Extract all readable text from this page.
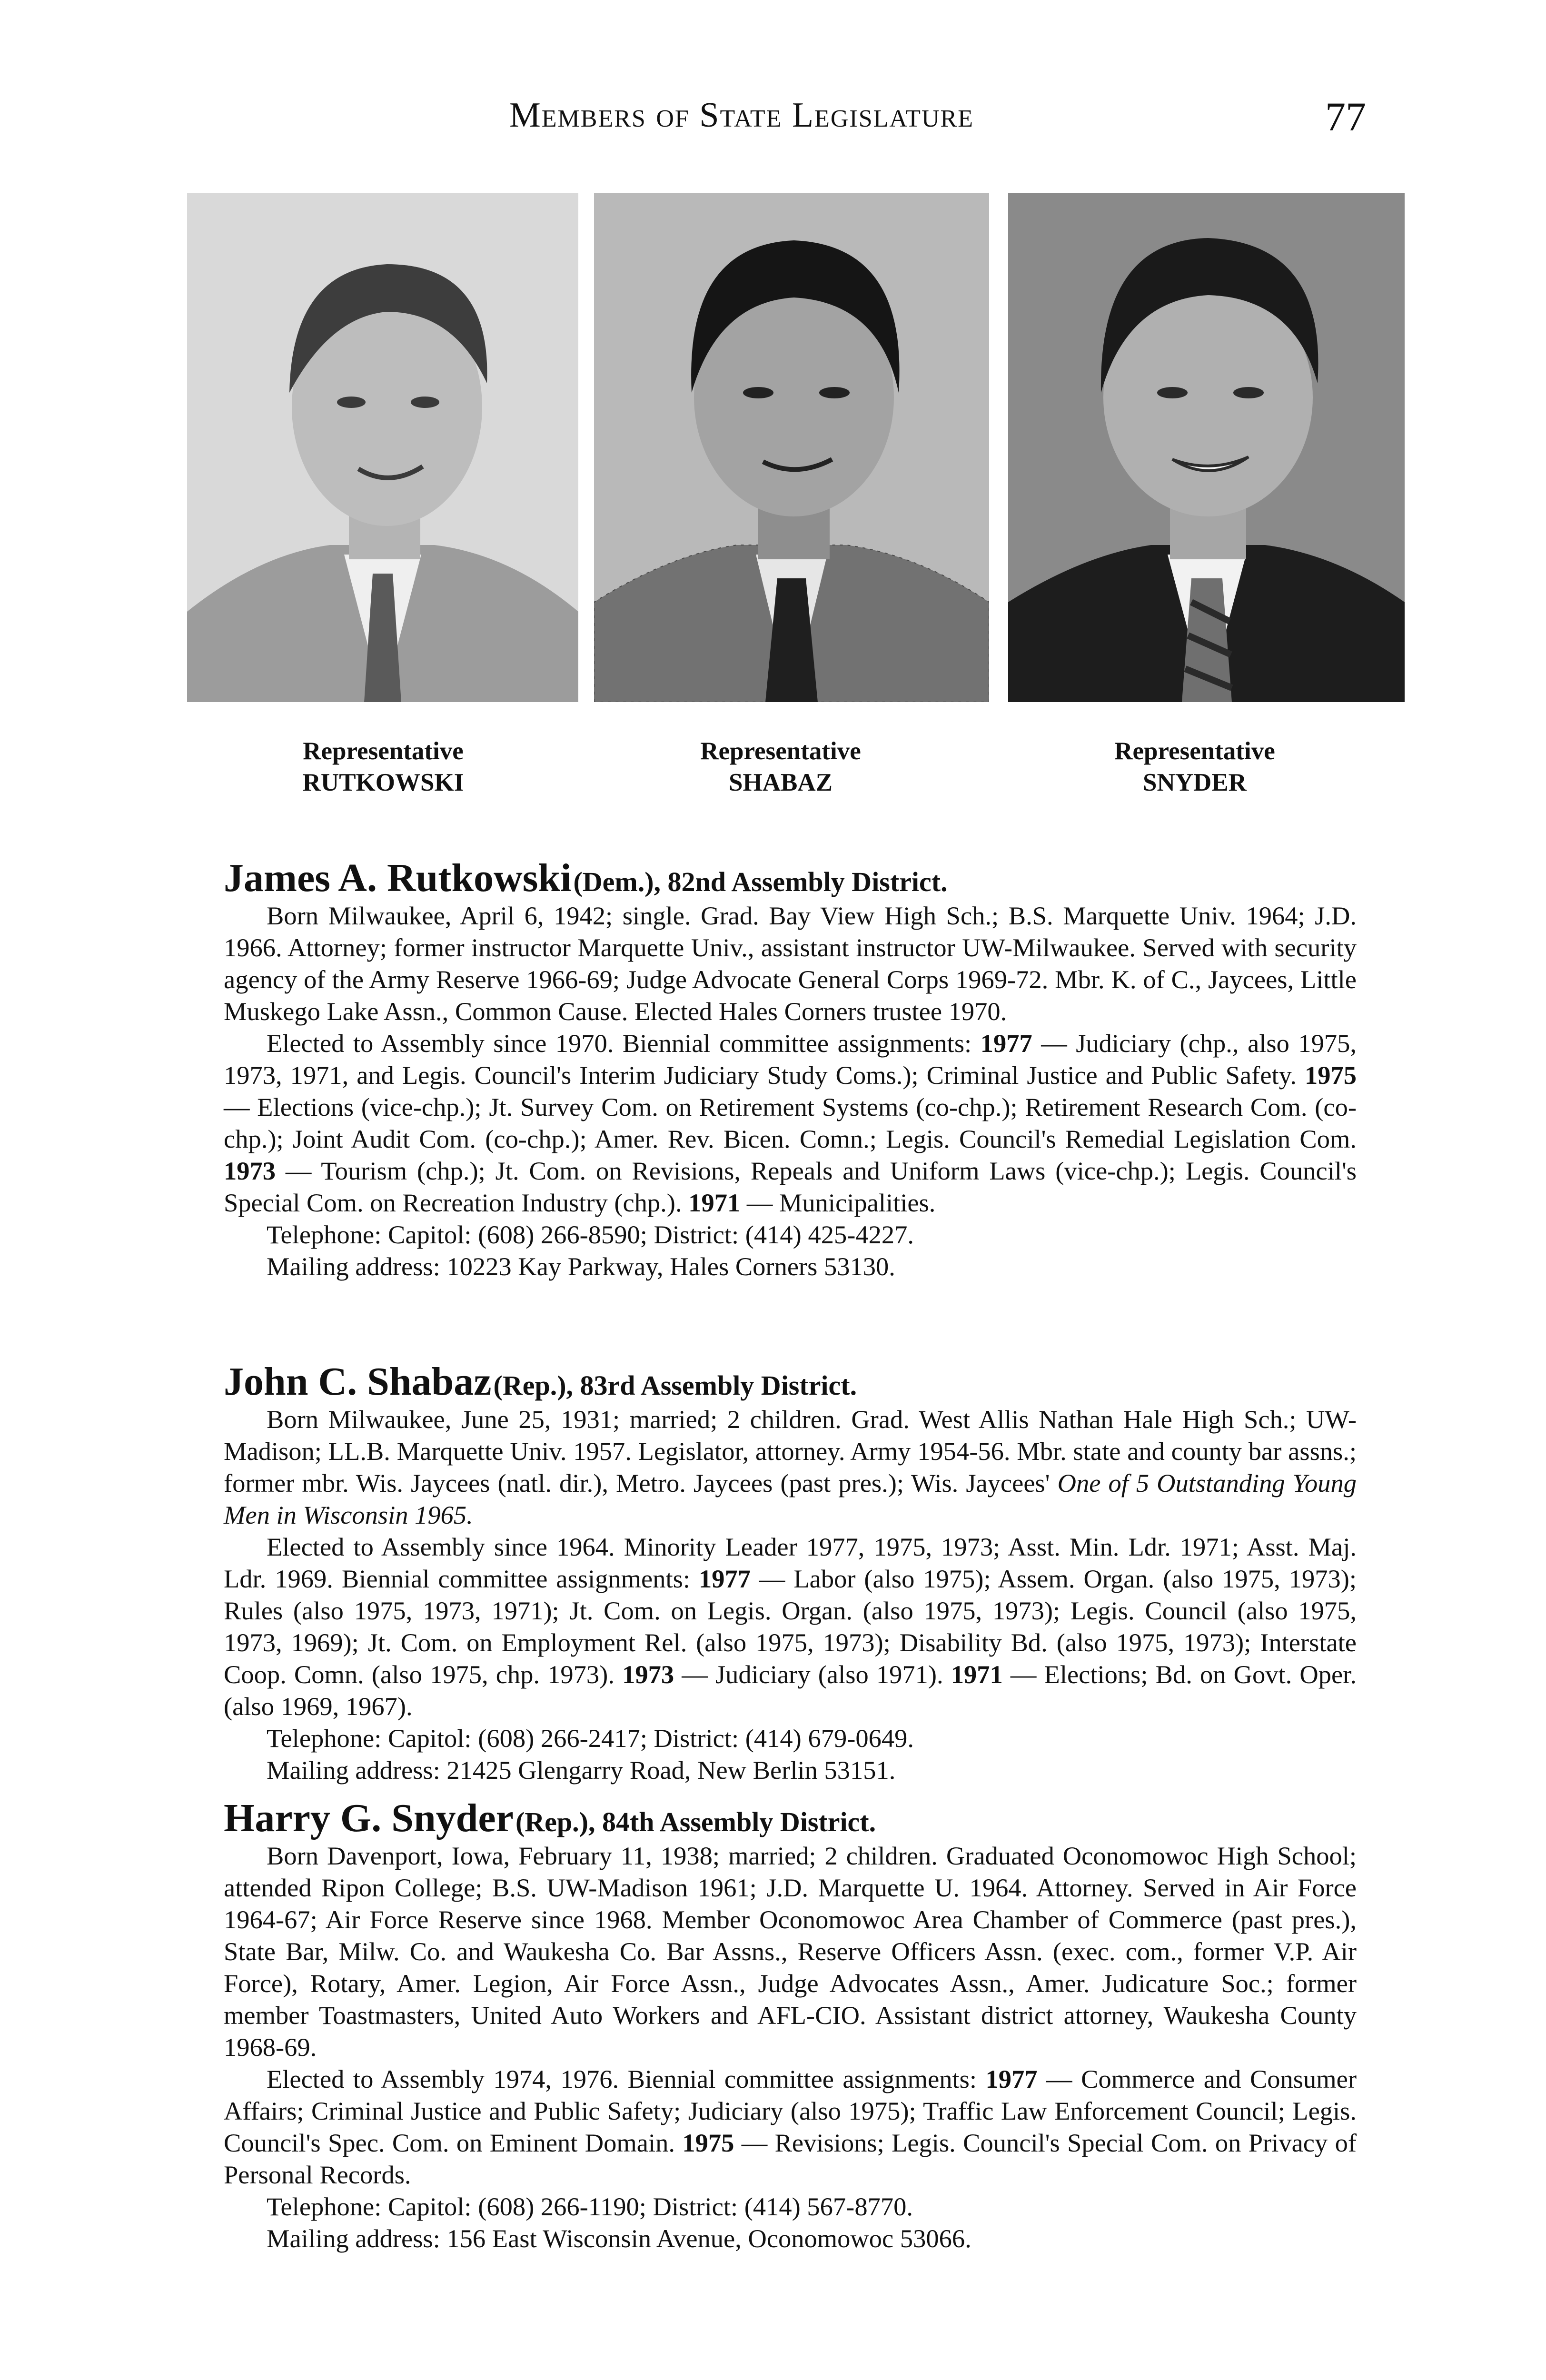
Members of State Legislature	77
Representative
RUTKOWSKI
Representative
SHABAZ
Representative
SNYDER

James A. Rutkowski (Dem.), 82nd Assembly District.

Born Milwaukee, April 6, 1942; single. Grad. Bay View High Sch.; B.S. Marquette Univ. 1964; J.D. 1966. Attorney; former instructor Marquette Univ., assistant instructor UW-Milwaukee. Served with security agency of the Army Reserve 1966-69; Judge Advocate General Corps 1969-72. Mbr. K. of C., Jaycees, Little Muskego Lake Assn., Common Cause. Elected Hales Corners trustee 1970.

Elected to Assembly since 1970. Biennial committee assignments: 1977 — Judiciary (chp., also 1975, 1973, 1971, and Legis. Council's Interim Judiciary Study Coms.); Criminal Justice and Public Safety. 1975 — Elections (vice-chp.); Jt. Survey Com. on Retirement Systems (co-chp.); Retirement Research Com. (co-chp.); Joint Audit Com. (co-chp.); Amer. Rev. Bicen. Comn.; Legis. Council's Remedial Legislation Com. 1973 — Tourism (chp.); Jt. Com. on Revisions, Repeals and Uniform Laws (vice-chp.); Legis. Council's Special Com. on Recreation Industry (chp.). 1971 — Municipalities.

Telephone: Capitol: (608) 266-8590; District: (414) 425-4227.

Mailing address: 10223 Kay Parkway, Hales Corners 53130.

John C. Shabaz (Rep.), 83rd Assembly District.

Born Milwaukee, June 25, 1931; married; 2 children. Grad. West Allis Nathan Hale High Sch.; UW-Madison; LL.B. Marquette Univ. 1957. Legislator, attorney. Army 1954-56. Mbr. state and county bar assns.; former mbr. Wis. Jaycees (natl. dir.), Metro. Jaycees (past pres.); Wis. Jaycees' One of 5 Outstanding Young Men in Wisconsin 1965.

Elected to Assembly since 1964. Minority Leader 1977, 1975, 1973; Asst. Min. Ldr. 1971; Asst. Maj. Ldr. 1969. Biennial committee assignments: 1977 — Labor (also 1975); Assem. Organ. (also 1975, 1973); Rules (also 1975, 1973, 1971); Jt. Com. on Legis. Organ. (also 1975, 1973); Legis. Council (also 1975, 1973, 1969); Jt. Com. on Employment Rel. (also 1975, 1973); Disability Bd. (also 1975, 1973); Interstate Coop. Comn. (also 1975, chp. 1973). 1973 — Judiciary (also 1971). 1971 — Elections; Bd. on Govt. Oper. (also 1969, 1967).

Telephone: Capitol: (608) 266-2417; District: (414) 679-0649.

Mailing address: 21425 Glengarry Road, New Berlin 53151.

Harry G. Snyder (Rep.), 84th Assembly District.

Born Davenport, Iowa, February 11, 1938; married; 2 children. Graduated Oconomowoc High School; attended Ripon College; B.S. UW-Madison 1961; J.D. Marquette U. 1964. Attorney. Served in Air Force 1964-67; Air Force Reserve since 1968. Member Oconomowoc Area Chamber of Commerce (past pres.), State Bar, Milw. Co. and Waukesha Co. Bar Assns., Reserve Officers Assn. (exec. com., former V.P. Air Force), Rotary, Amer. Legion, Air Force Assn., Judge Advocates Assn., Amer. Judicature Soc.; former member Toastmasters, United Auto Workers and AFL-CIO. Assistant district attorney, Waukesha County 1968-69.

Elected to Assembly 1974, 1976. Biennial committee assignments: 1977 — Commerce and Consumer Affairs; Criminal Justice and Public Safety; Judiciary (also 1975); Traffic Law Enforcement Council; Legis. Council's Spec. Com. on Eminent Domain. 1975 — Revisions; Legis. Council's Special Com. on Privacy of Personal Records.

Telephone: Capitol: (608) 266-1190; District: (414) 567-8770.

Mailing address: 156 East Wisconsin Avenue, Oconomowoc 53066.
